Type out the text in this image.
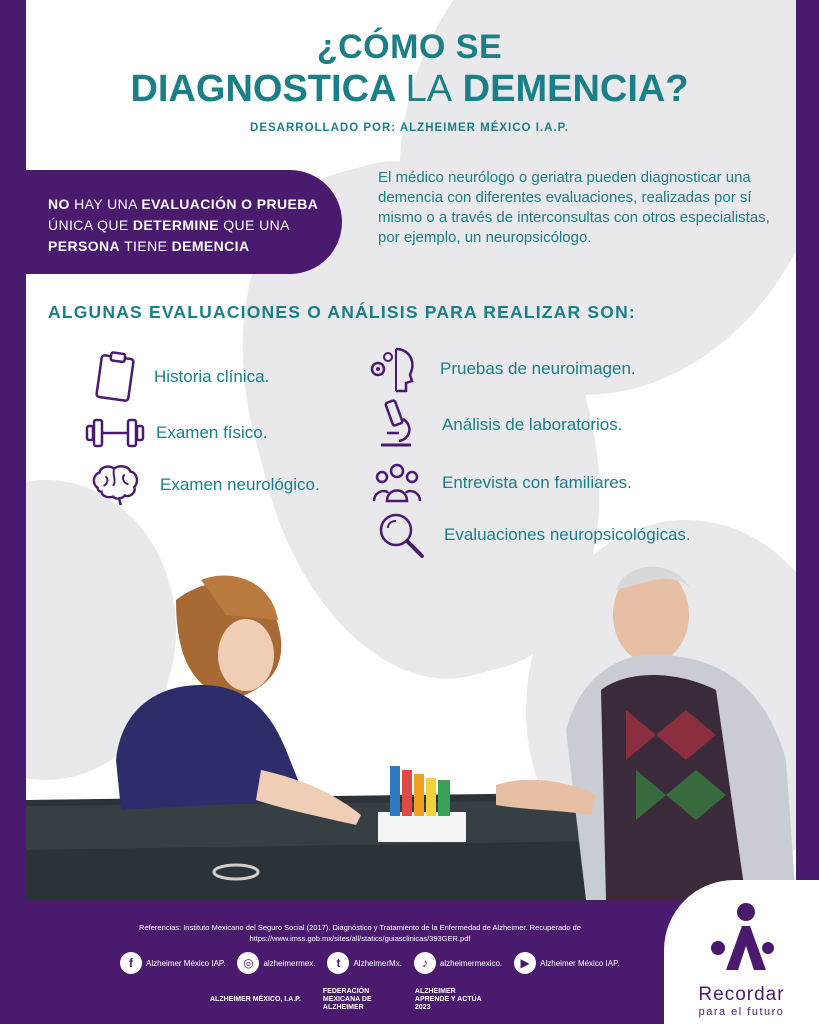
¿CÓMO SE
DIAGNOSTICA LA DEMENCIA?
DESARROLLADO POR: ALZHEIMER MÉXICO I.A.P.
NO HAY UNA EVALUACIÓN O PRUEBA ÚNICA QUE DETERMINE QUE UNA PERSONA TIENE DEMENCIA
El médico neurólogo o geriatra pueden diagnosticar una demencia con diferentes evaluaciones, realizadas por sí mismo o a través de interconsultas con otros especialistas, por ejemplo, un neuropsicólogo.
ALGUNAS EVALUACIONES O ANÁLISIS PARA REALIZAR SON:
Historia clínica.
Examen físico.
Examen neurológico.
Pruebas de neuroimagen.
Análisis de laboratorios.
Entrevista con familiares.
Evaluaciones neuropsicológicas.
Referencias: Instituto Mexicano del Seguro Social (2017). Diagnóstico y Tratamiento de la Enfermedad de Alzheimer. Recuperado de https://www.imss.gob.mx/sites/all/statics/guiasclinicas/393GER.pdf
f	Alzheimer México IAP.	◎	alzheimermex.	t	AlzheimerMx.	♪	alzheimermexico.	▶	Alzheimer México IAP.
ALZHEIMER MÉXICO, I.A.P.
FEDERACIÓN MEXICANA DE ALZHEIMER
ALZHEIMER APRENDE Y ACTÚA 2023
Recordar
para el futuro
